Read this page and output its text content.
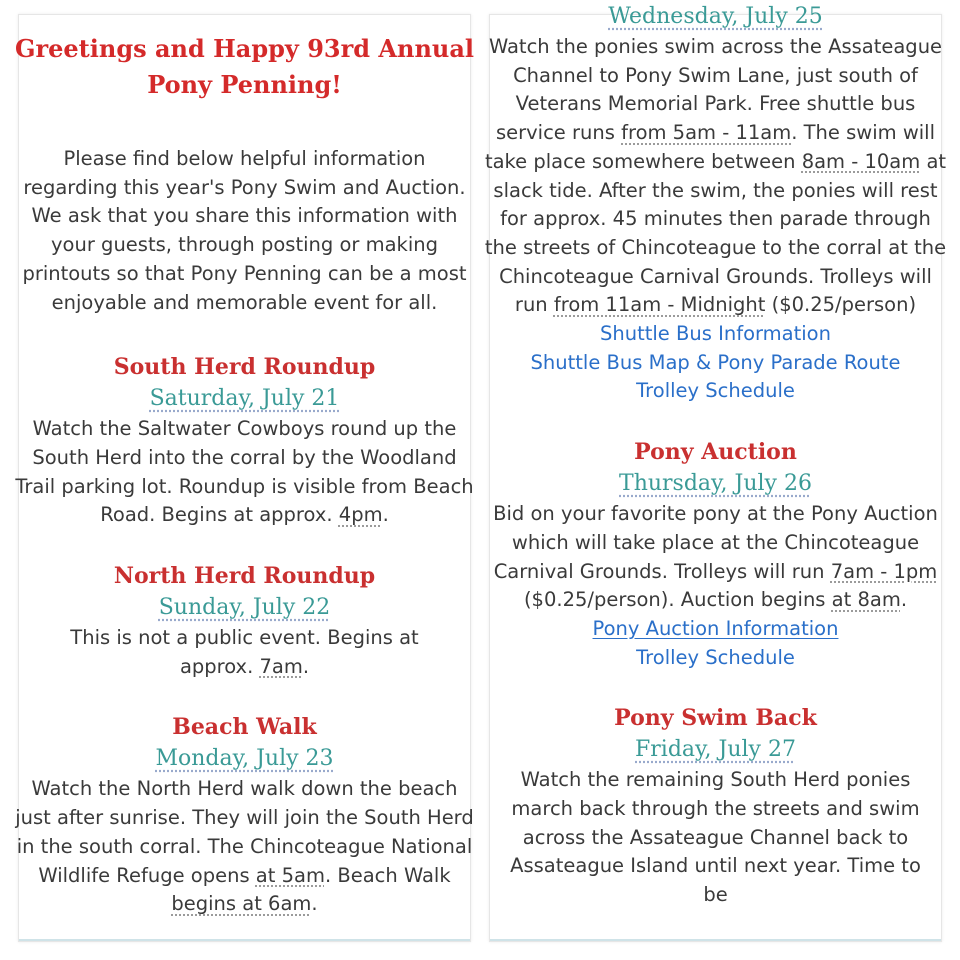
Greetings and Happy 93rd Annual Pony Penning!

Please find below helpful information regarding this year's Pony Swim and Auction. We ask that you share this information with your guests, through posting or making printouts so that Pony Penning can be a most enjoyable and memorable event for all.

South Herd Roundup

Saturday, July 21

Watch the Saltwater Cowboys round up the South Herd into the corral by the Woodland Trail parking lot. Roundup is visible from Beach Road. Begins at approx. 4pm.

North Herd Roundup

Sunday, July 22

This is not a public event. Begins at approx. 7am.

Beach Walk

Monday, July 23

Watch the North Herd walk down the beach just after sunrise. They will join the South Herd in the south corral. The Chincoteague National Wildlife Refuge opens at 5am. Beach Walk begins at 6am.

Wednesday, July 25

Watch the ponies swim across the Assateague Channel to Pony Swim Lane, just south of Veterans Memorial Park. Free shuttle bus service runs from 5am - 11am. The swim will take place somewhere between 8am - 10am at slack tide. After the swim, the ponies will rest for approx. 45 minutes then parade through the streets of Chincoteague to the corral at the Chincoteague Carnival Grounds. Trolleys will run from 11am - Midnight ($0.25/person)

Shuttle Bus Information
Shuttle Bus Map & Pony Parade Route
Trolley Schedule

Pony Auction

Thursday, July 26

Bid on your favorite pony at the Pony Auction which will take place at the Chincoteague Carnival Grounds. Trolleys will run 7am - 1pm ($0.25/person). Auction begins at 8am.

Pony Auction Information
Trolley Schedule

Pony Swim Back

Friday, July 27

Watch the remaining South Herd ponies march back through the streets and swim across the Assateague Channel back to Assateague Island until next year. Time to be
